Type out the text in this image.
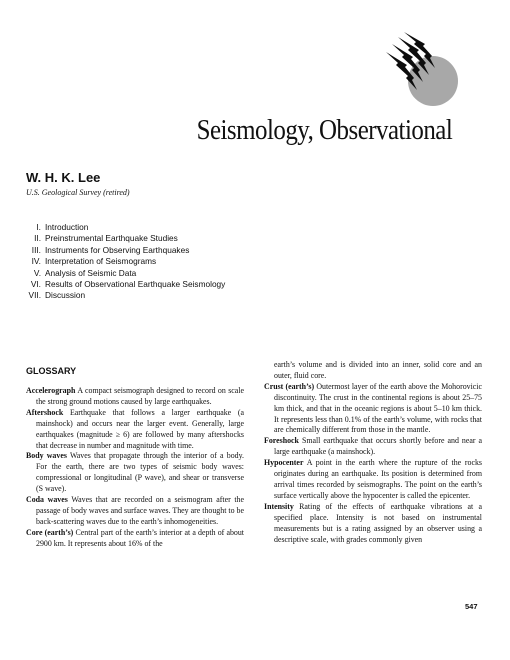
Seismology, Observational

W. H. K. Lee

U.S. Geological Survey (retired)

I. Introduction
II. Preinstrumental Earthquake Studies
III. Instruments for Observing Earthquakes
IV. Interpretation of Seismograms
V. Analysis of Seismic Data
VI. Results of Observational Earthquake Seismology
VII. Discussion
GLOSSARY

Accelerograph A compact seismograph designed to record on scale the strong ground motions caused by large earthquakes.

Aftershock Earthquake that follows a larger earthquake (a mainshock) and occurs near the larger event. Generally, large earthquakes (magnitude ≥ 6) are followed by many aftershocks that decrease in number and magnitude with time.

Body waves Waves that propagate through the interior of a body. For the earth, there are two types of seismic body waves: compressional or longitudinal (P wave), and shear or transverse (S wave).

Coda waves Waves that are recorded on a seismogram after the passage of body waves and surface waves. They are thought to be back-scattering waves due to the earth’s inhomogeneities.

Core (earth’s) Central part of the earth’s interior at a depth of about 2900 km. It represents about 16% of the

earth’s volume and is divided into an inner, solid core and an outer, fluid core.

Crust (earth’s) Outermost layer of the earth above the Mohorovicic discontinuity. The crust in the continental regions is about 25–75 km thick, and that in the oceanic regions is about 5–10 km thick. It represents less than 0.1% of the earth’s volume, with rocks that are chemically different from those in the mantle.

Foreshock Small earthquake that occurs shortly before and near a large earthquake (a mainshock).

Hypocenter A point in the earth where the rupture of the rocks originates during an earthquake. Its position is determined from arrival times recorded by seismographs. The point on the earth’s surface vertically above the hypocenter is called the epicenter.

Intensity Rating of the effects of earthquake vibrations at a specified place. Intensity is not based on instrumental measurements but is a rating assigned by an observer using a descriptive scale, with grades commonly given

547
